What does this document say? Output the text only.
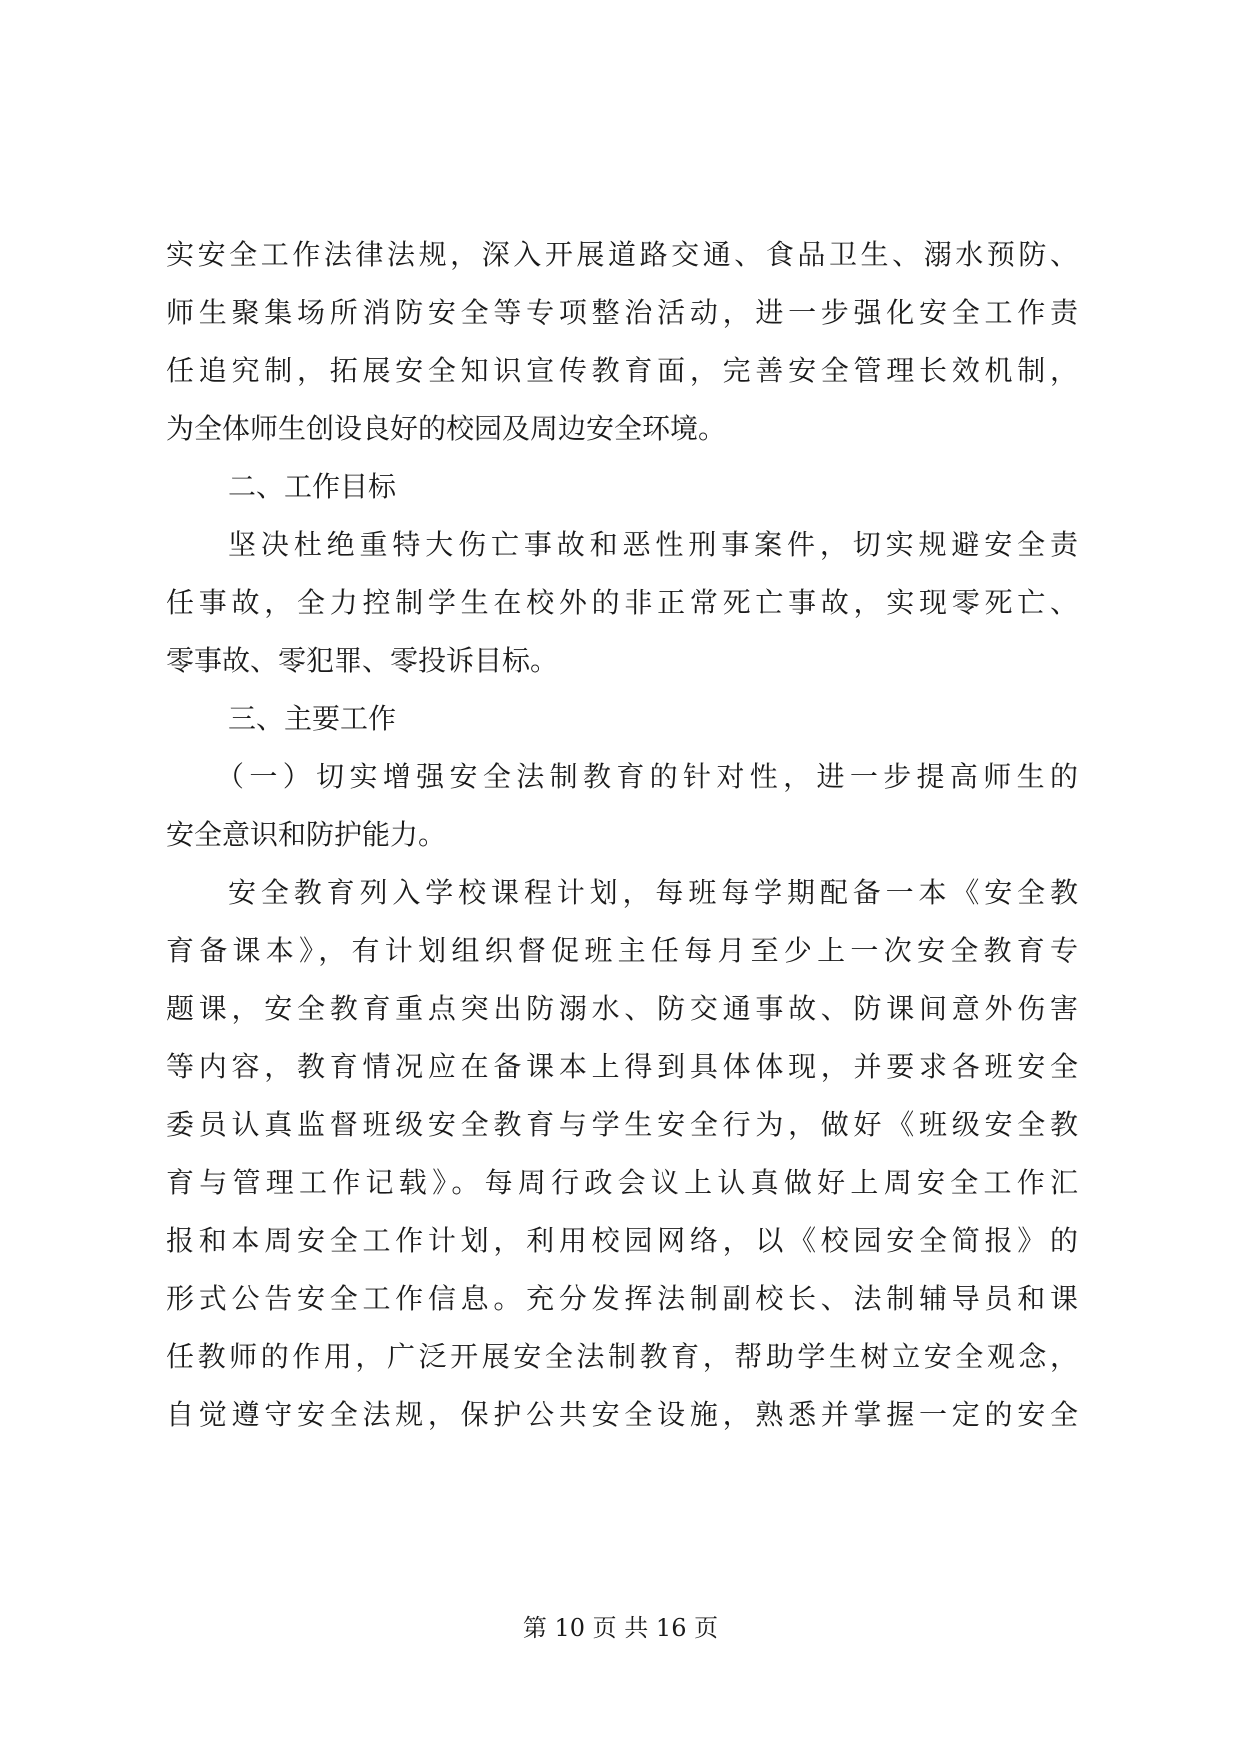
实安全工作法律法规，深入开展道路交通、食品卫生、溺水预防、
师生聚集场所消防安全等专项整治活动，进一步强化安全工作责
任追究制，拓展安全知识宣传教育面，完善安全管理长效机制，
为全体师生创设良好的校园及周边安全环境。
二、工作目标
坚决杜绝重特大伤亡事故和恶性刑事案件，切实规避安全责
任事故，全力控制学生在校外的非正常死亡事故，实现零死亡、
零事故、零犯罪、零投诉目标。
三、主要工作
（一）切实增强安全法制教育的针对性，进一步提高师生的
安全意识和防护能力。
安全教育列入学校课程计划，每班每学期配备一本《安全教
育备课本》，有计划组织督促班主任每月至少上一次安全教育专
题课，安全教育重点突出防溺水、防交通事故、防课间意外伤害
等内容，教育情况应在备课本上得到具体体现，并要求各班安全
委员认真监督班级安全教育与学生安全行为，做好《班级安全教
育与管理工作记载》。每周行政会议上认真做好上周安全工作汇
报和本周安全工作计划，利用校园网络，以《校园安全简报》的
形式公告安全工作信息。充分发挥法制副校长、法制辅导员和课
任教师的作用，广泛开展安全法制教育，帮助学生树立安全观念，
自觉遵守安全法规，保护公共安全设施，熟悉并掌握一定的安全
第 10 页 共 16 页
